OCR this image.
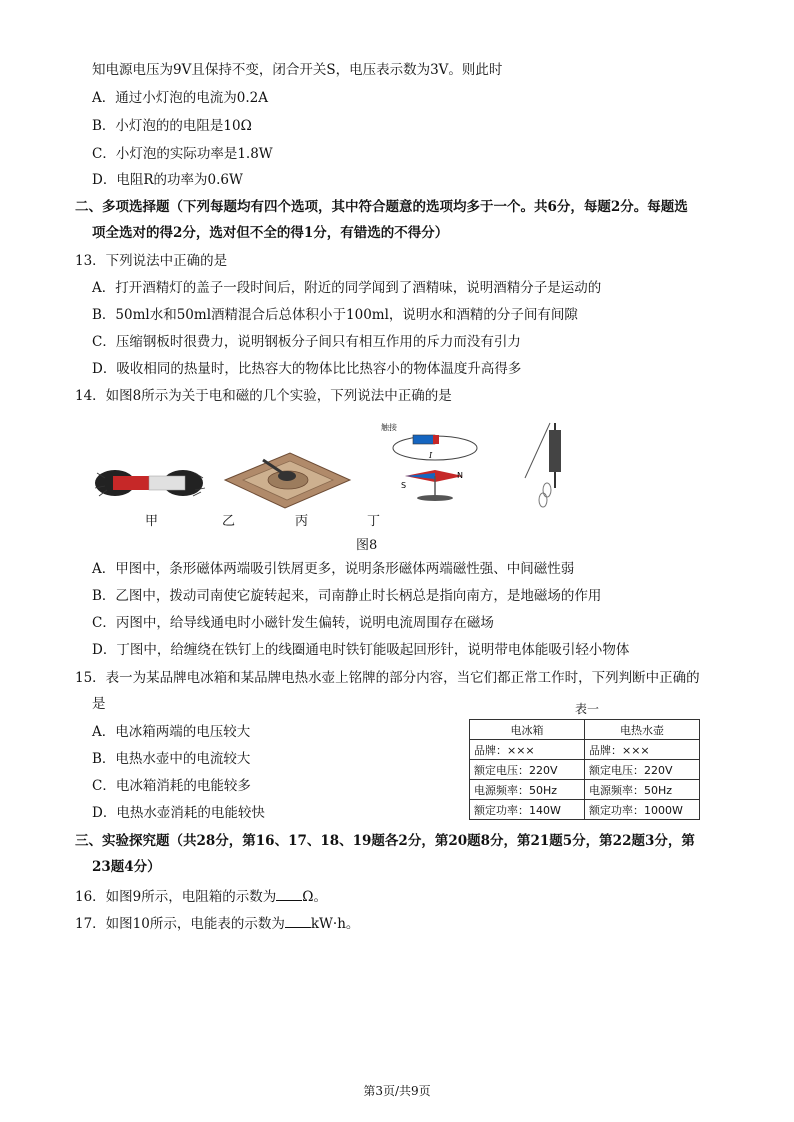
知电源电压为9V且保持不变，闭合开关S，电压表示数为3V。则此时
A．通过小灯泡的电流为0.2A
B．小灯泡的的电阻是10Ω
C．小灯泡的实际功率是1.8W
D．电阻R的功率为0.6W
二、多项选择题（下列每题均有四个选项，其中符合题意的选项均多于一个。共6分，每题2分。每题选
项全选对的得2分，选对但不全的得1分，有错选的不得分）
13．下列说法中正确的是
A．打开酒精灯的盖子一段时间后，附近的同学闻到了酒精味，说明酒精分子是运动的
B．50ml水和50ml酒精混合后总体积小于100ml，说明水和酒精的分子间有间隙
C．压缩钢板时很费力，说明钢板分子间只有相互作用的斥力而没有引力
D．吸收相同的热量时，比热容大的物体比比热容小的物体温度升高得多
14．如图8所示为关于电和磁的几个实验，下列说法中正确的是
触接
I
S
N
甲	乙	丙	丁
图8
A．甲图中，条形磁体两端吸引铁屑更多，说明条形磁体两端磁性强、中间磁性弱
B．乙图中，拨动司南使它旋转起来，司南静止时长柄总是指向南方，是地磁场的作用
C．丙图中，给导线通电时小磁针发生偏转，说明电流周围存在磁场
D．丁图中，给缠绕在铁钉上的线圈通电时铁钉能吸起回形针，说明带电体能吸引轻小物体
15．表一为某品牌电冰箱和某品牌电热水壶上铭牌的部分内容，当它们都正常工作时，下列判断中正确的
是
A．电冰箱两端的电压较大
B．电热水壶中的电流较大
C．电冰箱消耗的电能较多
D．电热水壶消耗的电能较快
表一
电冰箱	电热水壶
品牌：×××	品牌：×××
额定电压：220V	额定电压：220V
电源频率：50Hz	电源频率：50Hz
额定功率：140W	额定功率：1000W
三、实验探究题（共28分，第16、17、18、19题各2分，第20题8分，第21题5分，第22题3分，第
23题4分）
16．如图9所示，电阻箱的示数为 Ω。
17．如图10所示，电能表的示数为 kW·h。
第3页/共9页
